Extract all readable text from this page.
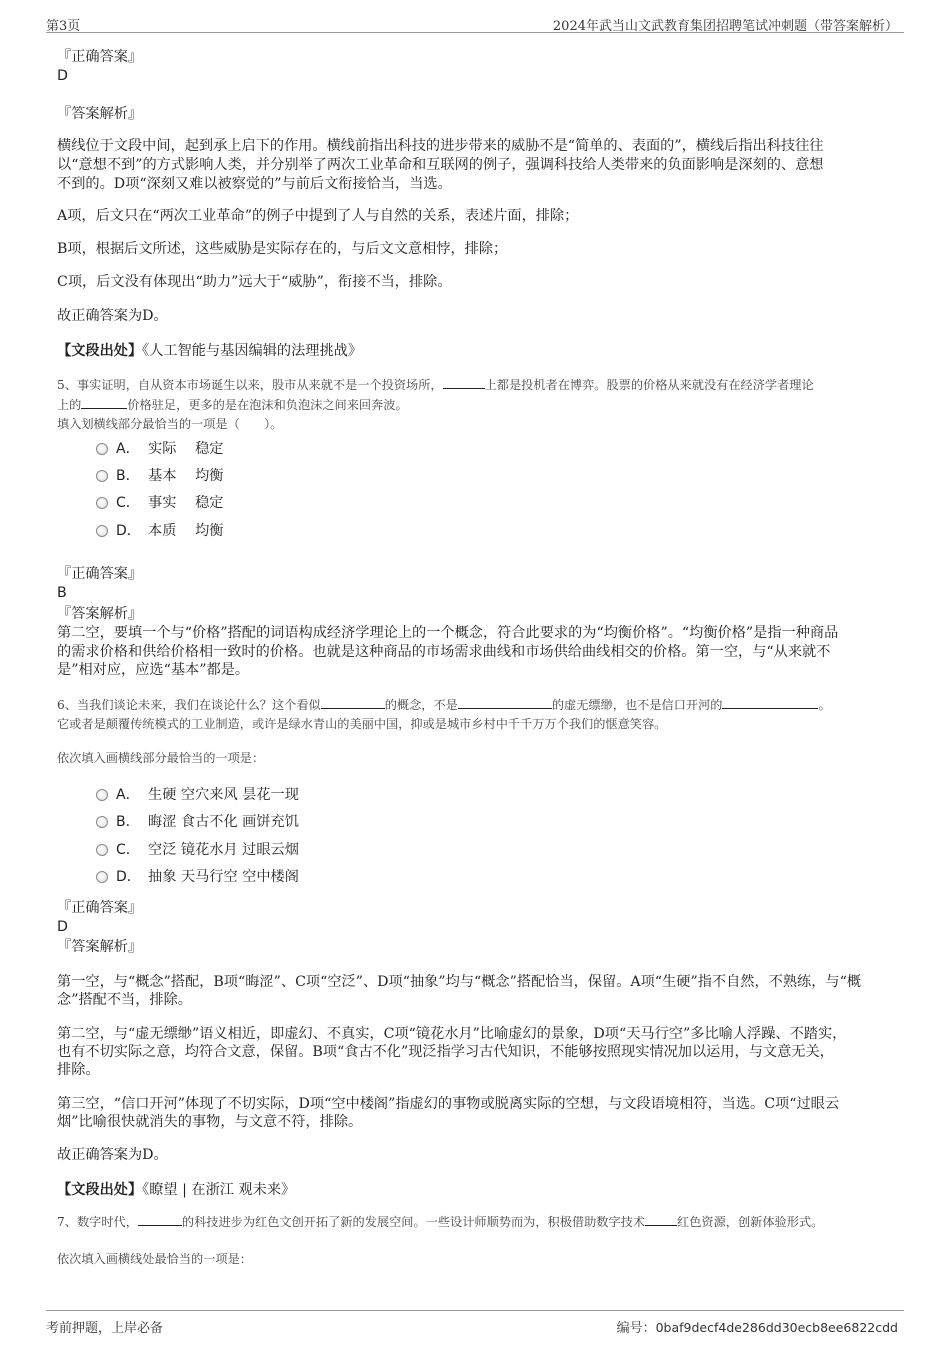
第3页	2024年武当山文武教育集团招聘笔试冲刺题（带答案解析）
『正确答案』
D
『答案解析』
横线位于文段中间，起到承上启下的作用。横线前指出科技的进步带来的威胁不是“简单的、表面的”，横线后指出科技往往
以“意想不到”的方式影响人类，并分别举了两次工业革命和互联网的例子，强调科技给人类带来的负面影响是深刻的、意想
不到的。D项“深刻又难以被察觉的”与前后文衔接恰当，当选。
A项，后文只在“两次工业革命”的例子中提到了人与自然的关系，表述片面，排除；
B项，根据后文所述，这些威胁是实际存在的，与后文文意相悖，排除；
C项，后文没有体现出“助力”远大于“威胁”，衔接不当，排除。
故正确答案为D。
【文段出处】《人工智能与基因编辑的法理挑战》
5、事实证明，自从资本市场诞生以来，股市从来就不是一个投资场所，	上都是投机者在博弈。股票的价格从来就没有在经济学者理论
上的	价格驻足，更多的是在泡沫和负泡沫之间来回奔波。
填入划横线部分最恰当的一项是（　　）。
A． 实际　 稳定
B． 基本　 均衡
C． 事实　 稳定
D． 本质　 均衡
『正确答案』
B
『答案解析』
第二空，要填一个与“价格”搭配的词语构成经济学理论上的一个概念，符合此要求的为“均衡价格”。“均衡价格”是指一种商品
的需求价格和供给价格相一致时的价格。也就是这种商品的市场需求曲线和市场供给曲线相交的价格。第一空，与“从来就不
是”相对应，应选“基本”都是。
6、当我们谈论未来，我们在谈论什么？这个看似	的概念，不是	的虚无缥缈，也不是信口开河的	。
它或者是颠覆传统模式的工业制造，或许是绿水青山的美丽中国，抑或是城市乡村中千千万万个我们的惬意笑容。
依次填入画横线部分最恰当的一项是：
A． 生硬 空穴来风 昙花一现
B． 晦涩 食古不化 画饼充饥
C． 空泛 镜花水月 过眼云烟
D． 抽象 天马行空 空中楼阁
『正确答案』
D
『答案解析』
第一空，与“概念”搭配，B项“晦涩”、C项“空泛”、D项“抽象”均与“概念”搭配恰当，保留。A项“生硬”指不自然，不熟练，与“概
念”搭配不当，排除。
第二空，与“虚无缥缈”语义相近，即虚幻、不真实，C项“镜花水月”比喻虚幻的景象，D项“天马行空”多比喻人浮躁、不踏实，
也有不切实际之意，均符合文意，保留。B项“食古不化”现泛指学习古代知识，不能够按照现实情况加以运用，与文意无关，
排除。
第三空，“信口开河”体现了不切实际，D项“空中楼阁”指虚幻的事物或脱离实际的空想，与文段语境相符，当选。C项“过眼云
烟”比喻很快就消失的事物，与文意不符，排除。
故正确答案为D。
【文段出处】《瞭望 | 在浙江 观未来》
7、数字时代，	的科技进步为红色文创开拓了新的发展空间。一些设计师顺势而为，积极借助数字技术	红色资源，创新体验形式。
依次填入画横线处最恰当的一项是：
考前押题，上岸必备	编号：0baf9decf4de286dd30ecb8ee6822cdd
